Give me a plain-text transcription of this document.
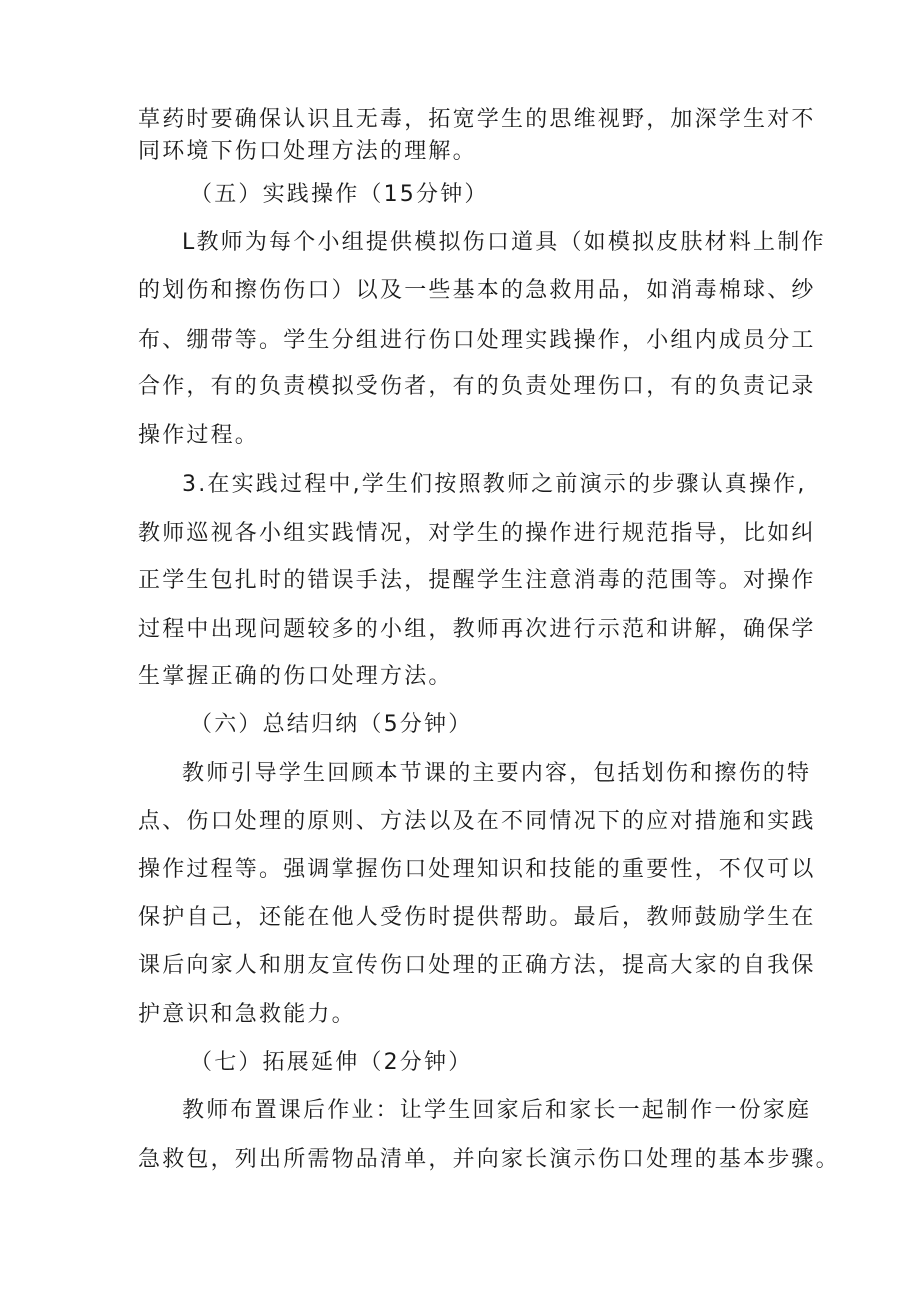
草药时要确保认识且无毒，拓宽学生的思维视野，加深学生对不
同环境下伤口处理方法的理解。
（五）实践操作（15分钟）
L教师为每个小组提供模拟伤口道具（如模拟皮肤材料上制作
的划伤和擦伤伤口）以及一些基本的急救用品，如消毒棉球、纱
布、绷带等。学生分组进行伤口处理实践操作，小组内成员分工
合作，有的负责模拟受伤者，有的负责处理伤口，有的负责记录
操作过程。
3.在实践过程中,学生们按照教师之前演示的步骤认真操作,
教师巡视各小组实践情况，对学生的操作进行规范指导，比如纠
正学生包扎时的错误手法，提醒学生注意消毒的范围等。对操作
过程中出现问题较多的小组，教师再次进行示范和讲解，确保学
生掌握正确的伤口处理方法。
（六）总结归纳（5分钟）
教师引导学生回顾本节课的主要内容，包括划伤和擦伤的特
点、伤口处理的原则、方法以及在不同情况下的应对措施和实践
操作过程等。强调掌握伤口处理知识和技能的重要性，不仅可以
保护自己，还能在他人受伤时提供帮助。最后，教师鼓励学生在
课后向家人和朋友宣传伤口处理的正确方法，提高大家的自我保
护意识和急救能力。
（七）拓展延伸（2分钟）
教师布置课后作业：让学生回家后和家长一起制作一份家庭
急救包，列出所需物品清单，并向家长演示伤口处理的基本步骤。
